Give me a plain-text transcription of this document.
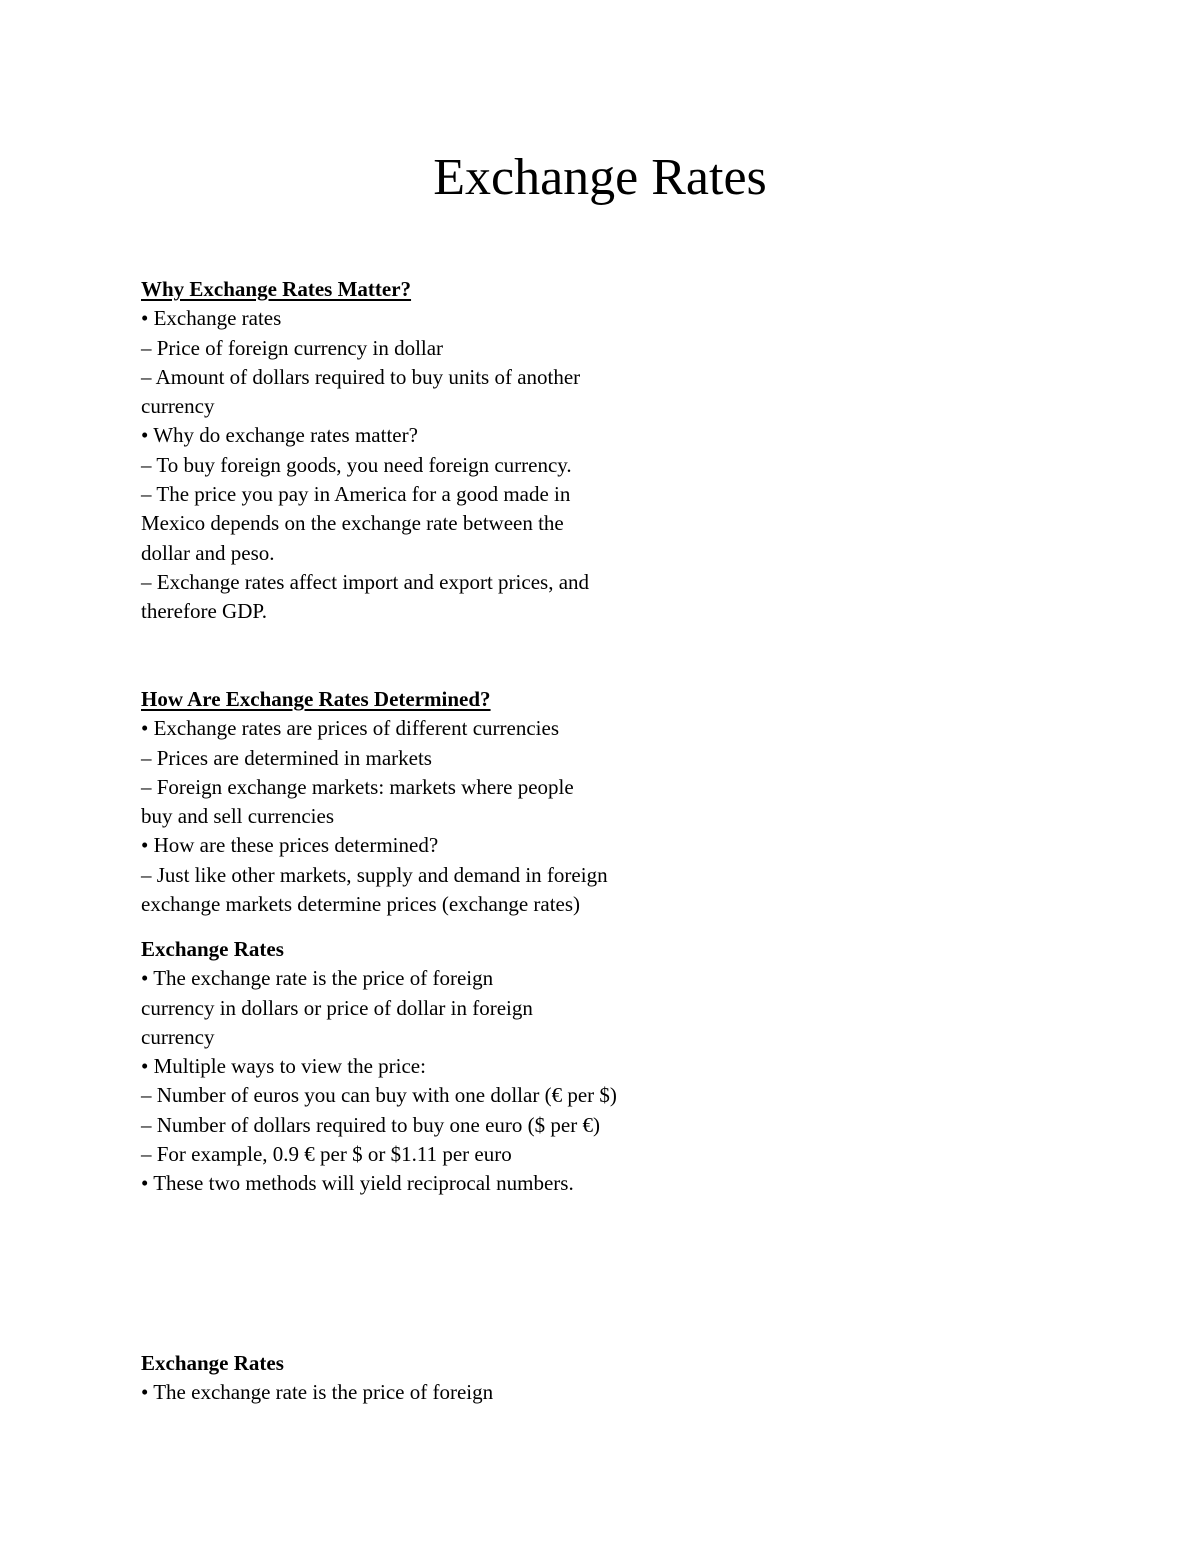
Exchange Rates

Why Exchange Rates Matter?

• Exchange rates

– Price of foreign currency in dollar

– Amount of dollars required to buy units of another

currency

• Why do exchange rates matter?

– To buy foreign goods, you need foreign currency.

– The price you pay in America for a good made in

Mexico depends on the exchange rate between the

dollar and peso.

– Exchange rates affect import and export prices, and

therefore GDP.

How Are Exchange Rates Determined?

• Exchange rates are prices of different currencies

– Prices are determined in markets

– Foreign exchange markets: markets where people

buy and sell currencies

• How are these prices determined?

– Just like other markets, supply and demand in foreign

exchange markets determine prices (exchange rates)

Exchange Rates

• The exchange rate is the price of foreign

currency in dollars or price of dollar in foreign

currency

• Multiple ways to view the price:

– Number of euros you can buy with one dollar (€ per $)

– Number of dollars required to buy one euro ($ per €)

– For example, 0.9 € per $ or $1.11 per euro

• These two methods will yield reciprocal numbers.

Exchange Rates

• The exchange rate is the price of foreign
